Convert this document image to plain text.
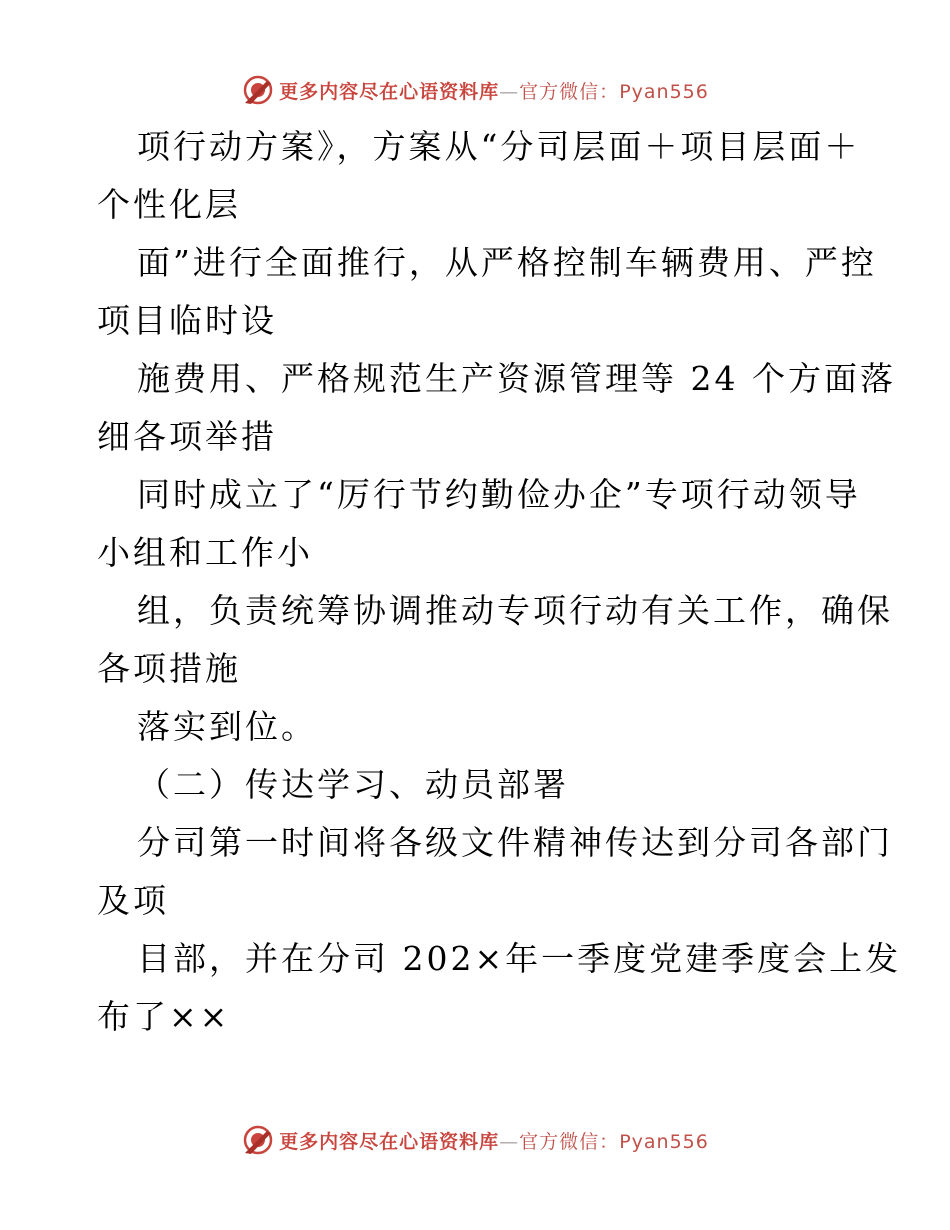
更多内容尽在心语资料库—官方微信：Pyan556
项行动方案》，方案从“分司层面＋项目层面＋
个性化层
面”进行全面推行，从严格控制车辆费用、严控
项目临时设
施费用、严格规范生产资源管理等 24 个方面落
细各项举措
同时成立了“厉行节约勤俭办企”专项行动领导
小组和工作小
组，负责统筹协调推动专项行动有关工作，确保
各项措施
落实到位。
（二）传达学习、动员部署
分司第一时间将各级文件精神传达到分司各部门
及项
目部，并在分司 202×年一季度党建季度会上发
布了××
更多内容尽在心语资料库—官方微信：Pyan556
